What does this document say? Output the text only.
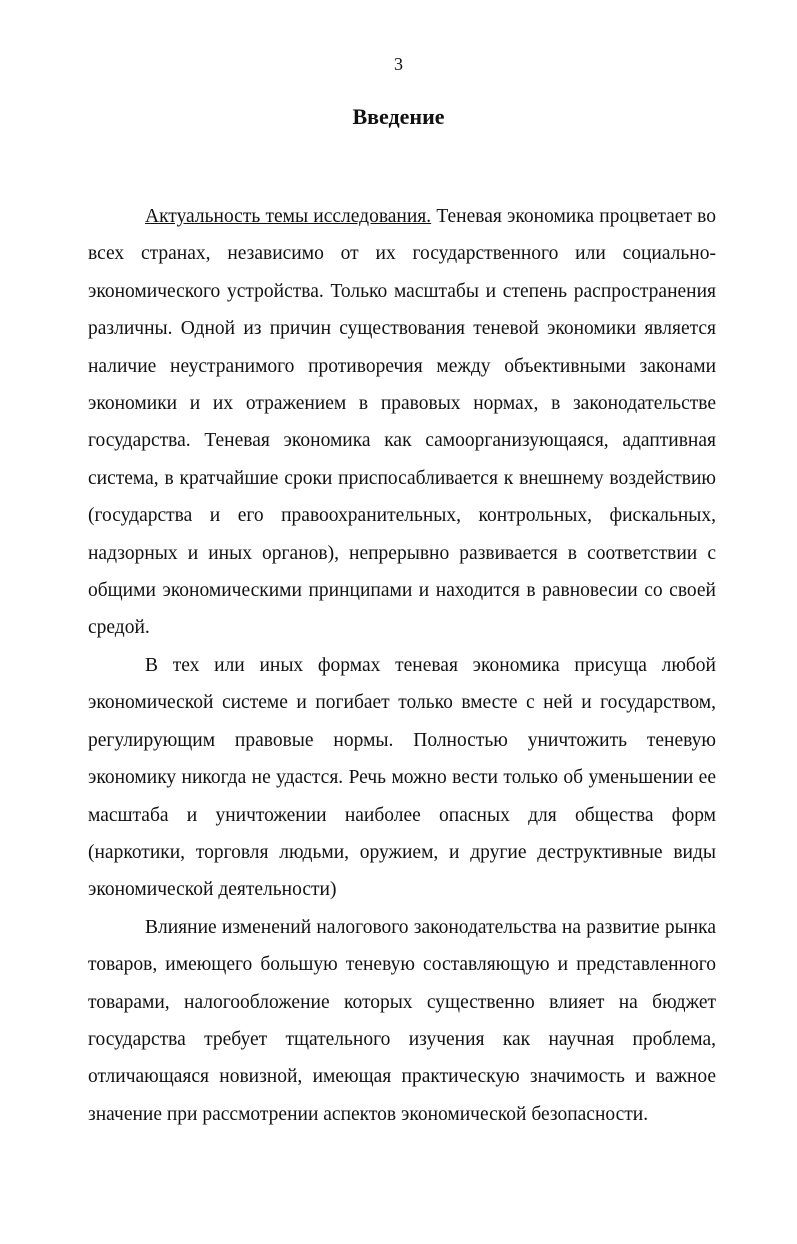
3
Введение

Актуальность темы исследования. Теневая экономика процветает во всех странах, независимо от их государственного или социально-экономического устройства. Только масштабы и степень распространения различны. Одной из причин существования теневой экономики является наличие неустранимого противоречия между объективными законами экономики и их отражением в правовых нормах, в законодательстве государства. Теневая экономика как самоорганизующаяся, адаптивная система, в кратчайшие сроки приспосабливается к внешнему воздействию (государства и его правоохранительных, контрольных, фискальных, надзорных и иных органов), непрерывно развивается в соответствии с общими экономическими принципами и находится в равновесии со своей средой.

В тех или иных формах теневая экономика присуща любой экономической системе и погибает только вместе с ней и государством, регулирующим правовые нормы. Полностью уничтожить теневую экономику никогда не удастся. Речь можно вести только об уменьшении ее масштаба и уничтожении наиболее опасных для общества форм (наркотики, торговля людьми, оружием, и другие деструктивные виды экономической деятельности)

Влияние изменений налогового законодательства на развитие рынка товаров, имеющего большую теневую составляющую и представленного товарами, налогообложение которых существенно влияет на бюджет государства требует тщательного изучения как научная проблема, отличающаяся новизной, имеющая практическую значимость и важное значение при рассмотрении аспектов экономической безопасности.
